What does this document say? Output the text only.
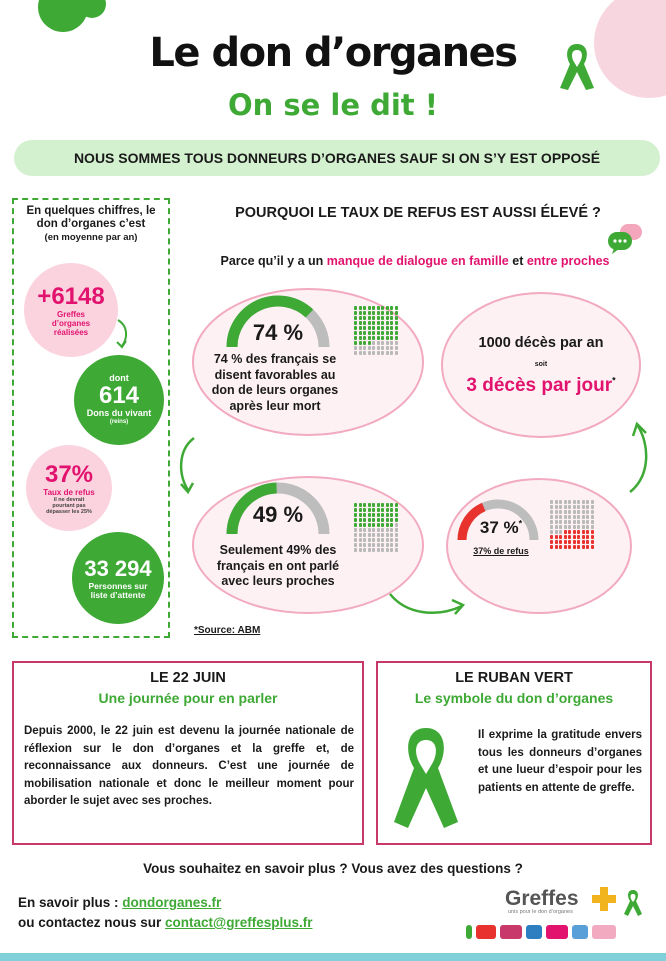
Le don d’organes
On se le dit !
NOUS SOMMES TOUS DONNEURS D’ORGANES SAUF SI ON S’Y EST OPPOSÉ
En quelques chiffres, le don d’organes c’est
(en moyenne par an)
+6148
Greffes d’organes réalisées
dont
614
Dons du vivant
(reins)
37%
Taux de refus
il ne devrait pourtant pas dépasser les 25%
33 294
Personnes sur liste d’attente
POURQUOI LE TAUX DE REFUS EST AUSSI ÉLEVÉ ?
Parce qu’il y a un manque de dialogue en famille et entre proches
74 %
74 % des français se disent favorables au don de leurs organes après leur mort
1000 décès par an
soit
3 décès par jour*
49 %
Seulement 49% des français en ont parlé avec leurs proches
37 %*
37% de refus
*Source: ABM
LE 22 JUIN
Une journée pour en parler
Depuis 2000, le 22 juin est devenu la journée nationale de réflexion sur le don d’organes et la greffe et, de reconnaissance aux donneurs. C’est une journée de mobilisation nationale et donc le meilleur moment pour aborder le sujet avec ses proches.
LE RUBAN VERT
Le symbole du don d’organes
Il exprime la gratitude envers tous les donneurs d’organes et une lueur d’espoir pour les patients en attente de greffe.
Vous souhaitez en savoir plus ? Vous avez des questions ?
En savoir plus : dondorganes.fr
ou contactez nous sur contact@greffesplus.fr
Greffes
unis pour le don d’organes
